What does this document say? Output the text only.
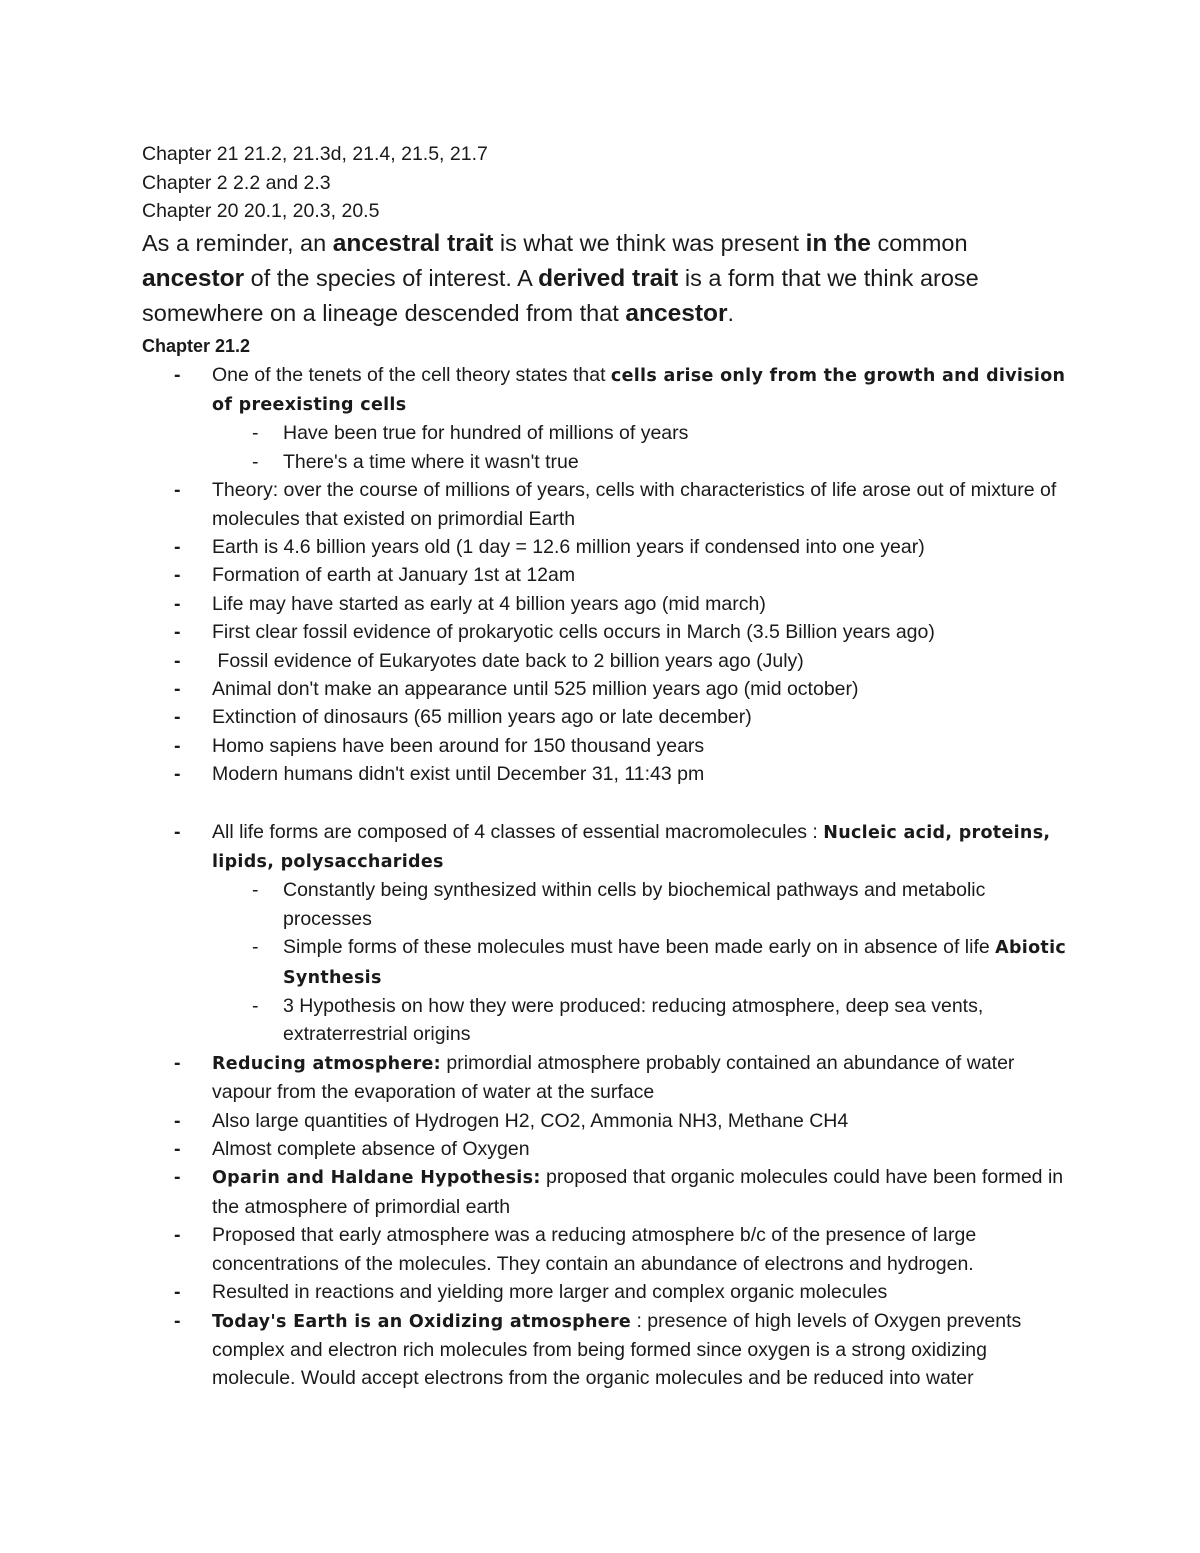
Chapter 21 21.2, 21.3d, 21.4, 21.5, 21.7
Chapter 2 2.2 and 2.3
Chapter 20 20.1, 20.3, 20.5
As a reminder, an ancestral trait is what we think was present in the common ancestor of the species of interest. A derived trait is a form that we think arose somewhere on a lineage descended from that ancestor.
Chapter 21.2
- One of the tenets of the cell theory states that cells arise only from the growth and division of preexisting cells
- Have been true for hundred of millions of years
- There's a time where it wasn't true
- Theory: over the course of millions of years, cells with characteristics of life arose out of mixture of molecules that existed on primordial Earth
- Earth is 4.6 billion years old (1 day = 12.6 million years if condensed into one year)
- Formation of earth at January 1st at 12am
- Life may have started as early at 4 billion years ago (mid march)
- First clear fossil evidence of prokaryotic cells occurs in March (3.5 Billion years ago)
- Fossil evidence of Eukaryotes date back to 2 billion years ago (July)
- Animal don't make an appearance until 525 million years ago (mid october)
- Extinction of dinosaurs (65 million years ago or late december)
- Homo sapiens have been around for 150 thousand years
- Modern humans didn't exist until December 31, 11:43 pm
- All life forms are composed of 4 classes of essential macromolecules : Nucleic acid, proteins, lipids, polysaccharides
- Constantly being synthesized within cells by biochemical pathways and metabolic processes
- Simple forms of these molecules must have been made early on in absence of life Abiotic Synthesis
- 3 Hypothesis on how they were produced: reducing atmosphere, deep sea vents, extraterrestrial origins
- Reducing atmosphere: primordial atmosphere probably contained an abundance of water vapour from the evaporation of water at the surface
- Also large quantities of Hydrogen H2, CO2, Ammonia NH3, Methane CH4
- Almost complete absence of Oxygen
- Oparin and Haldane Hypothesis: proposed that organic molecules could have been formed in the atmosphere of primordial earth
- Proposed that early atmosphere was a reducing atmosphere b/c of the presence of large concentrations of the molecules. They contain an abundance of electrons and hydrogen.
- Resulted in reactions and yielding more larger and complex organic molecules
- Today's Earth is an Oxidizing atmosphere : presence of high levels of Oxygen prevents complex and electron rich molecules from being formed since oxygen is a strong oxidizing molecule. Would accept electrons from the organic molecules and be reduced into water
